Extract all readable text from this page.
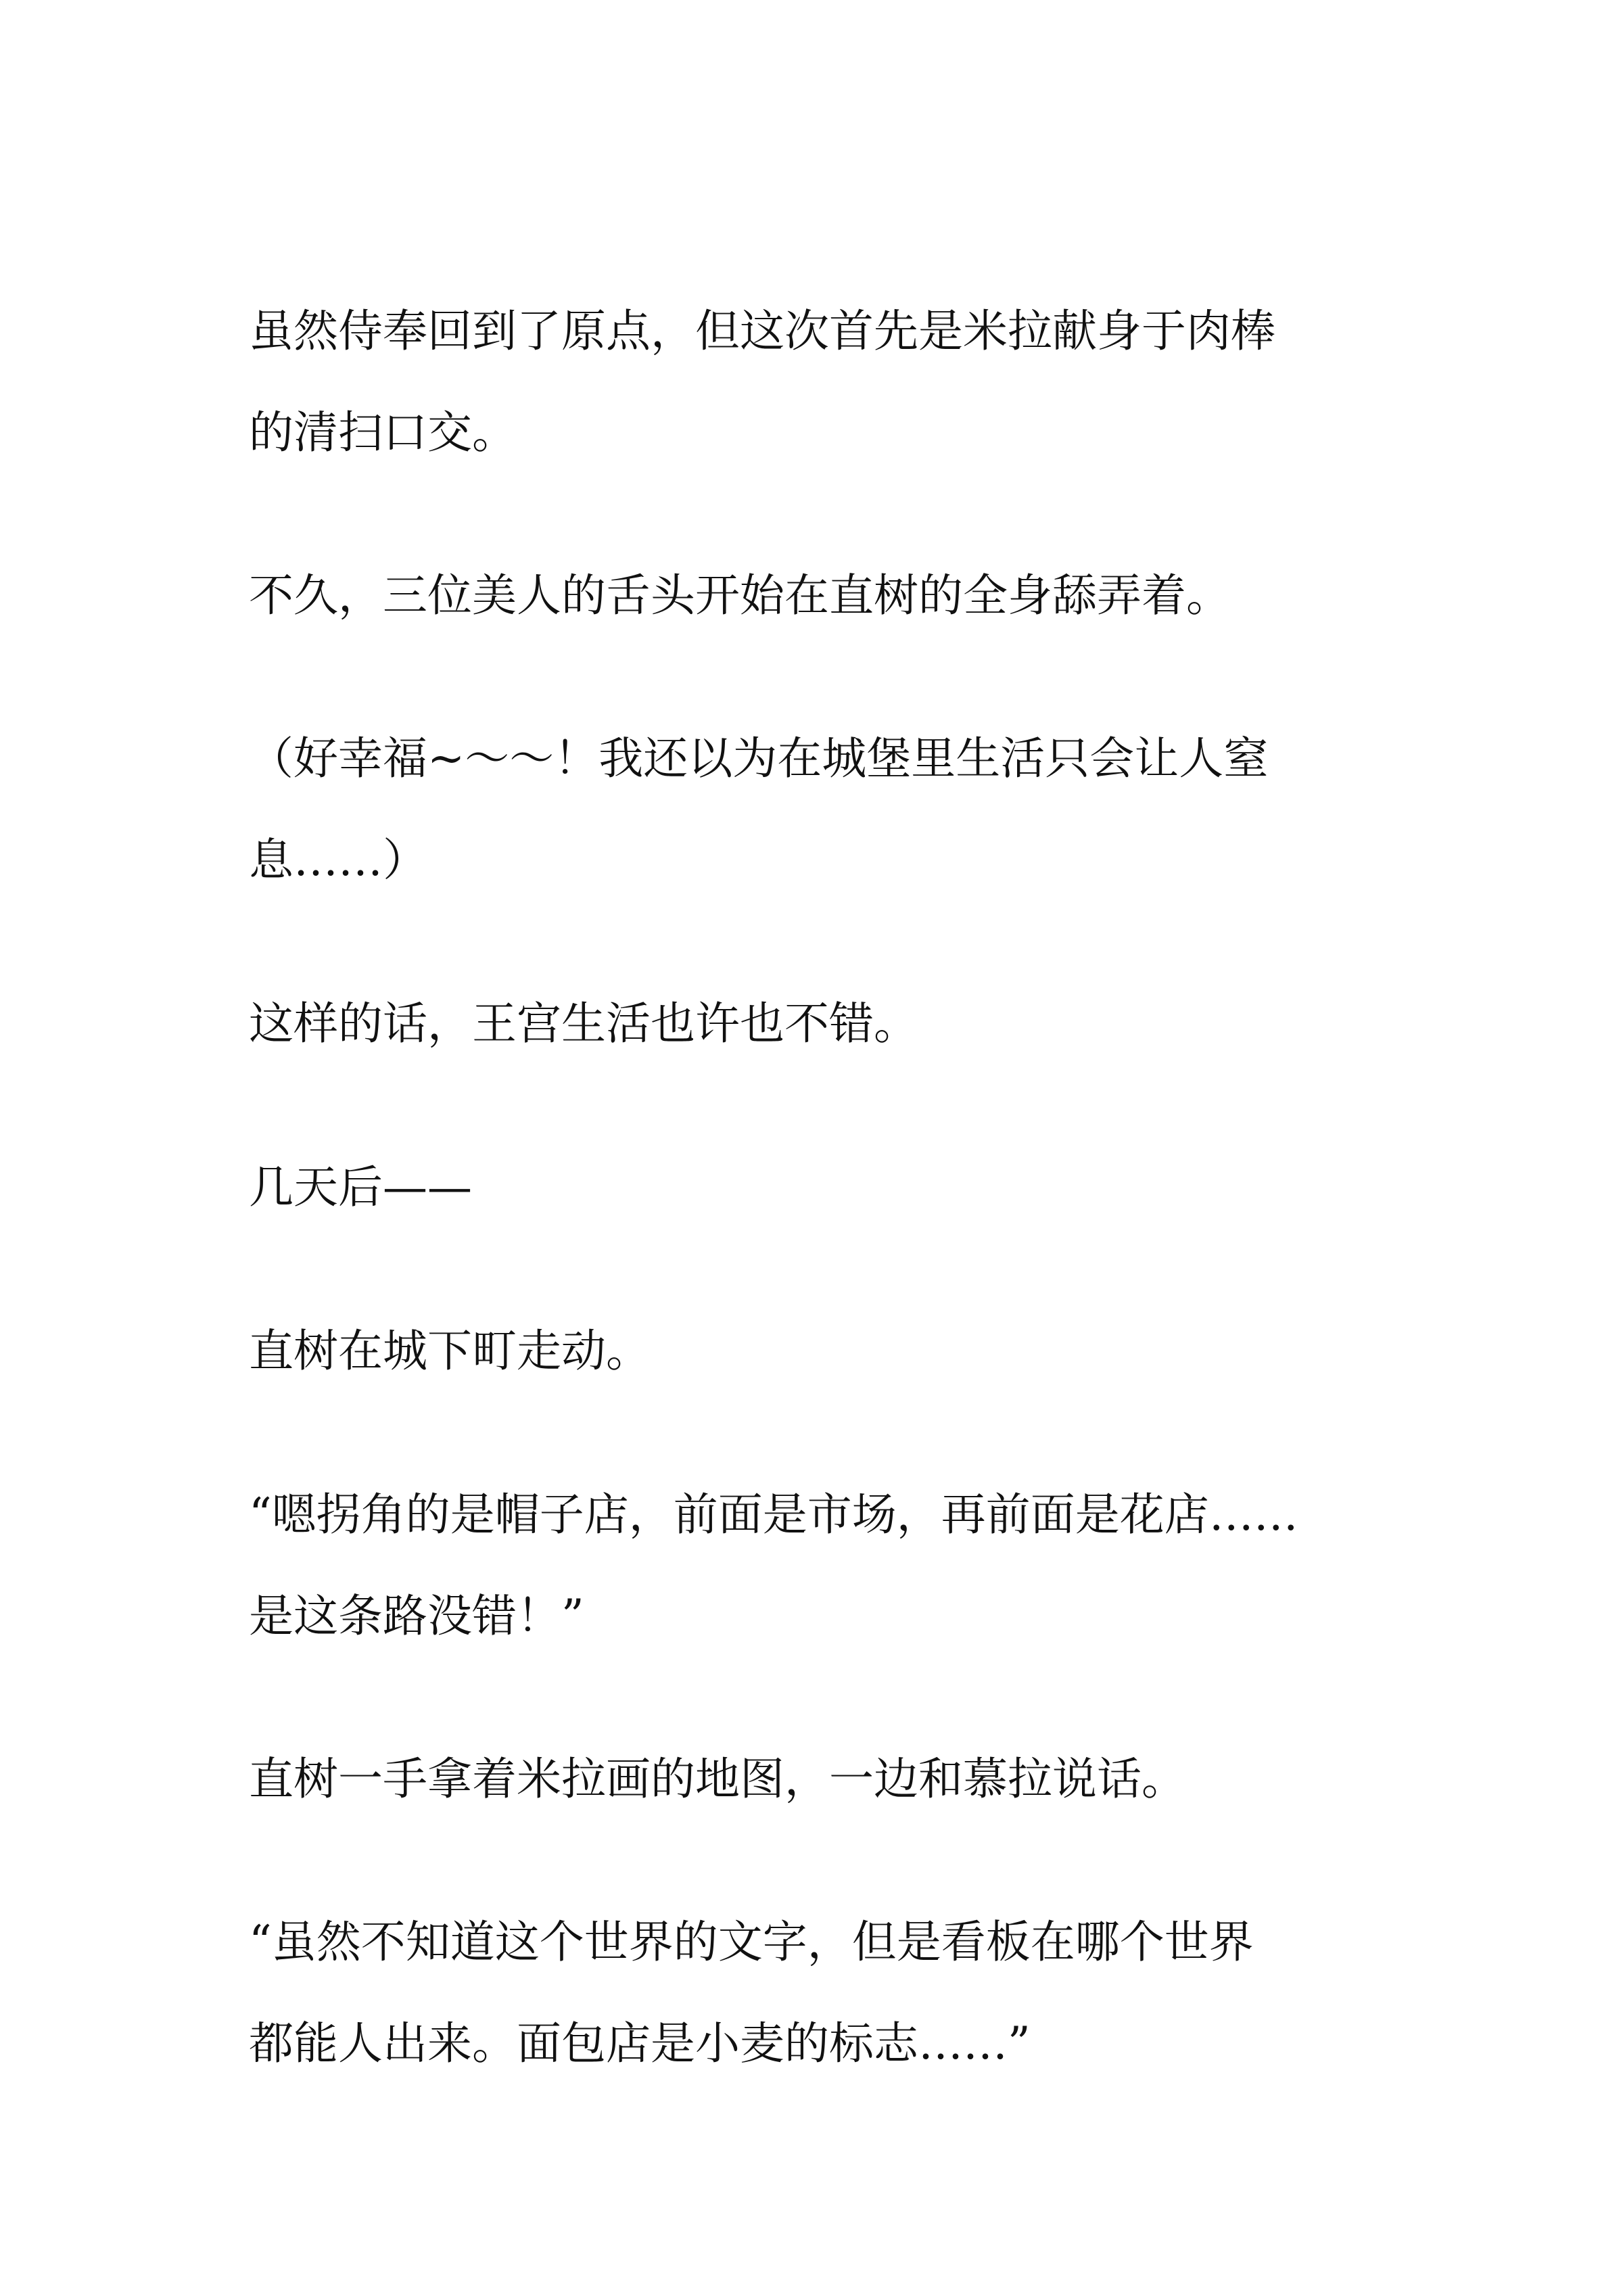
虽然侍奉回到了原点，但这次首先是米拉献身于肉棒
的清扫口交。

不久，三位美人的舌头开始在直树的全身舔弄着。

（好幸福~～～！我还以为在城堡里生活只会让人窒
息……）

这样的话，王宫生活也许也不错。

几天后——

直树在城下町走动。

“嗯拐角的是帽子店，前面是市场，再前面是花店……
是这条路没错！”

直树一手拿着米拉画的地图，一边和慕拉说话。

“虽然不知道这个世界的文字，但是看板在哪个世界
都能人出来。面包店是小麦的标志……”
